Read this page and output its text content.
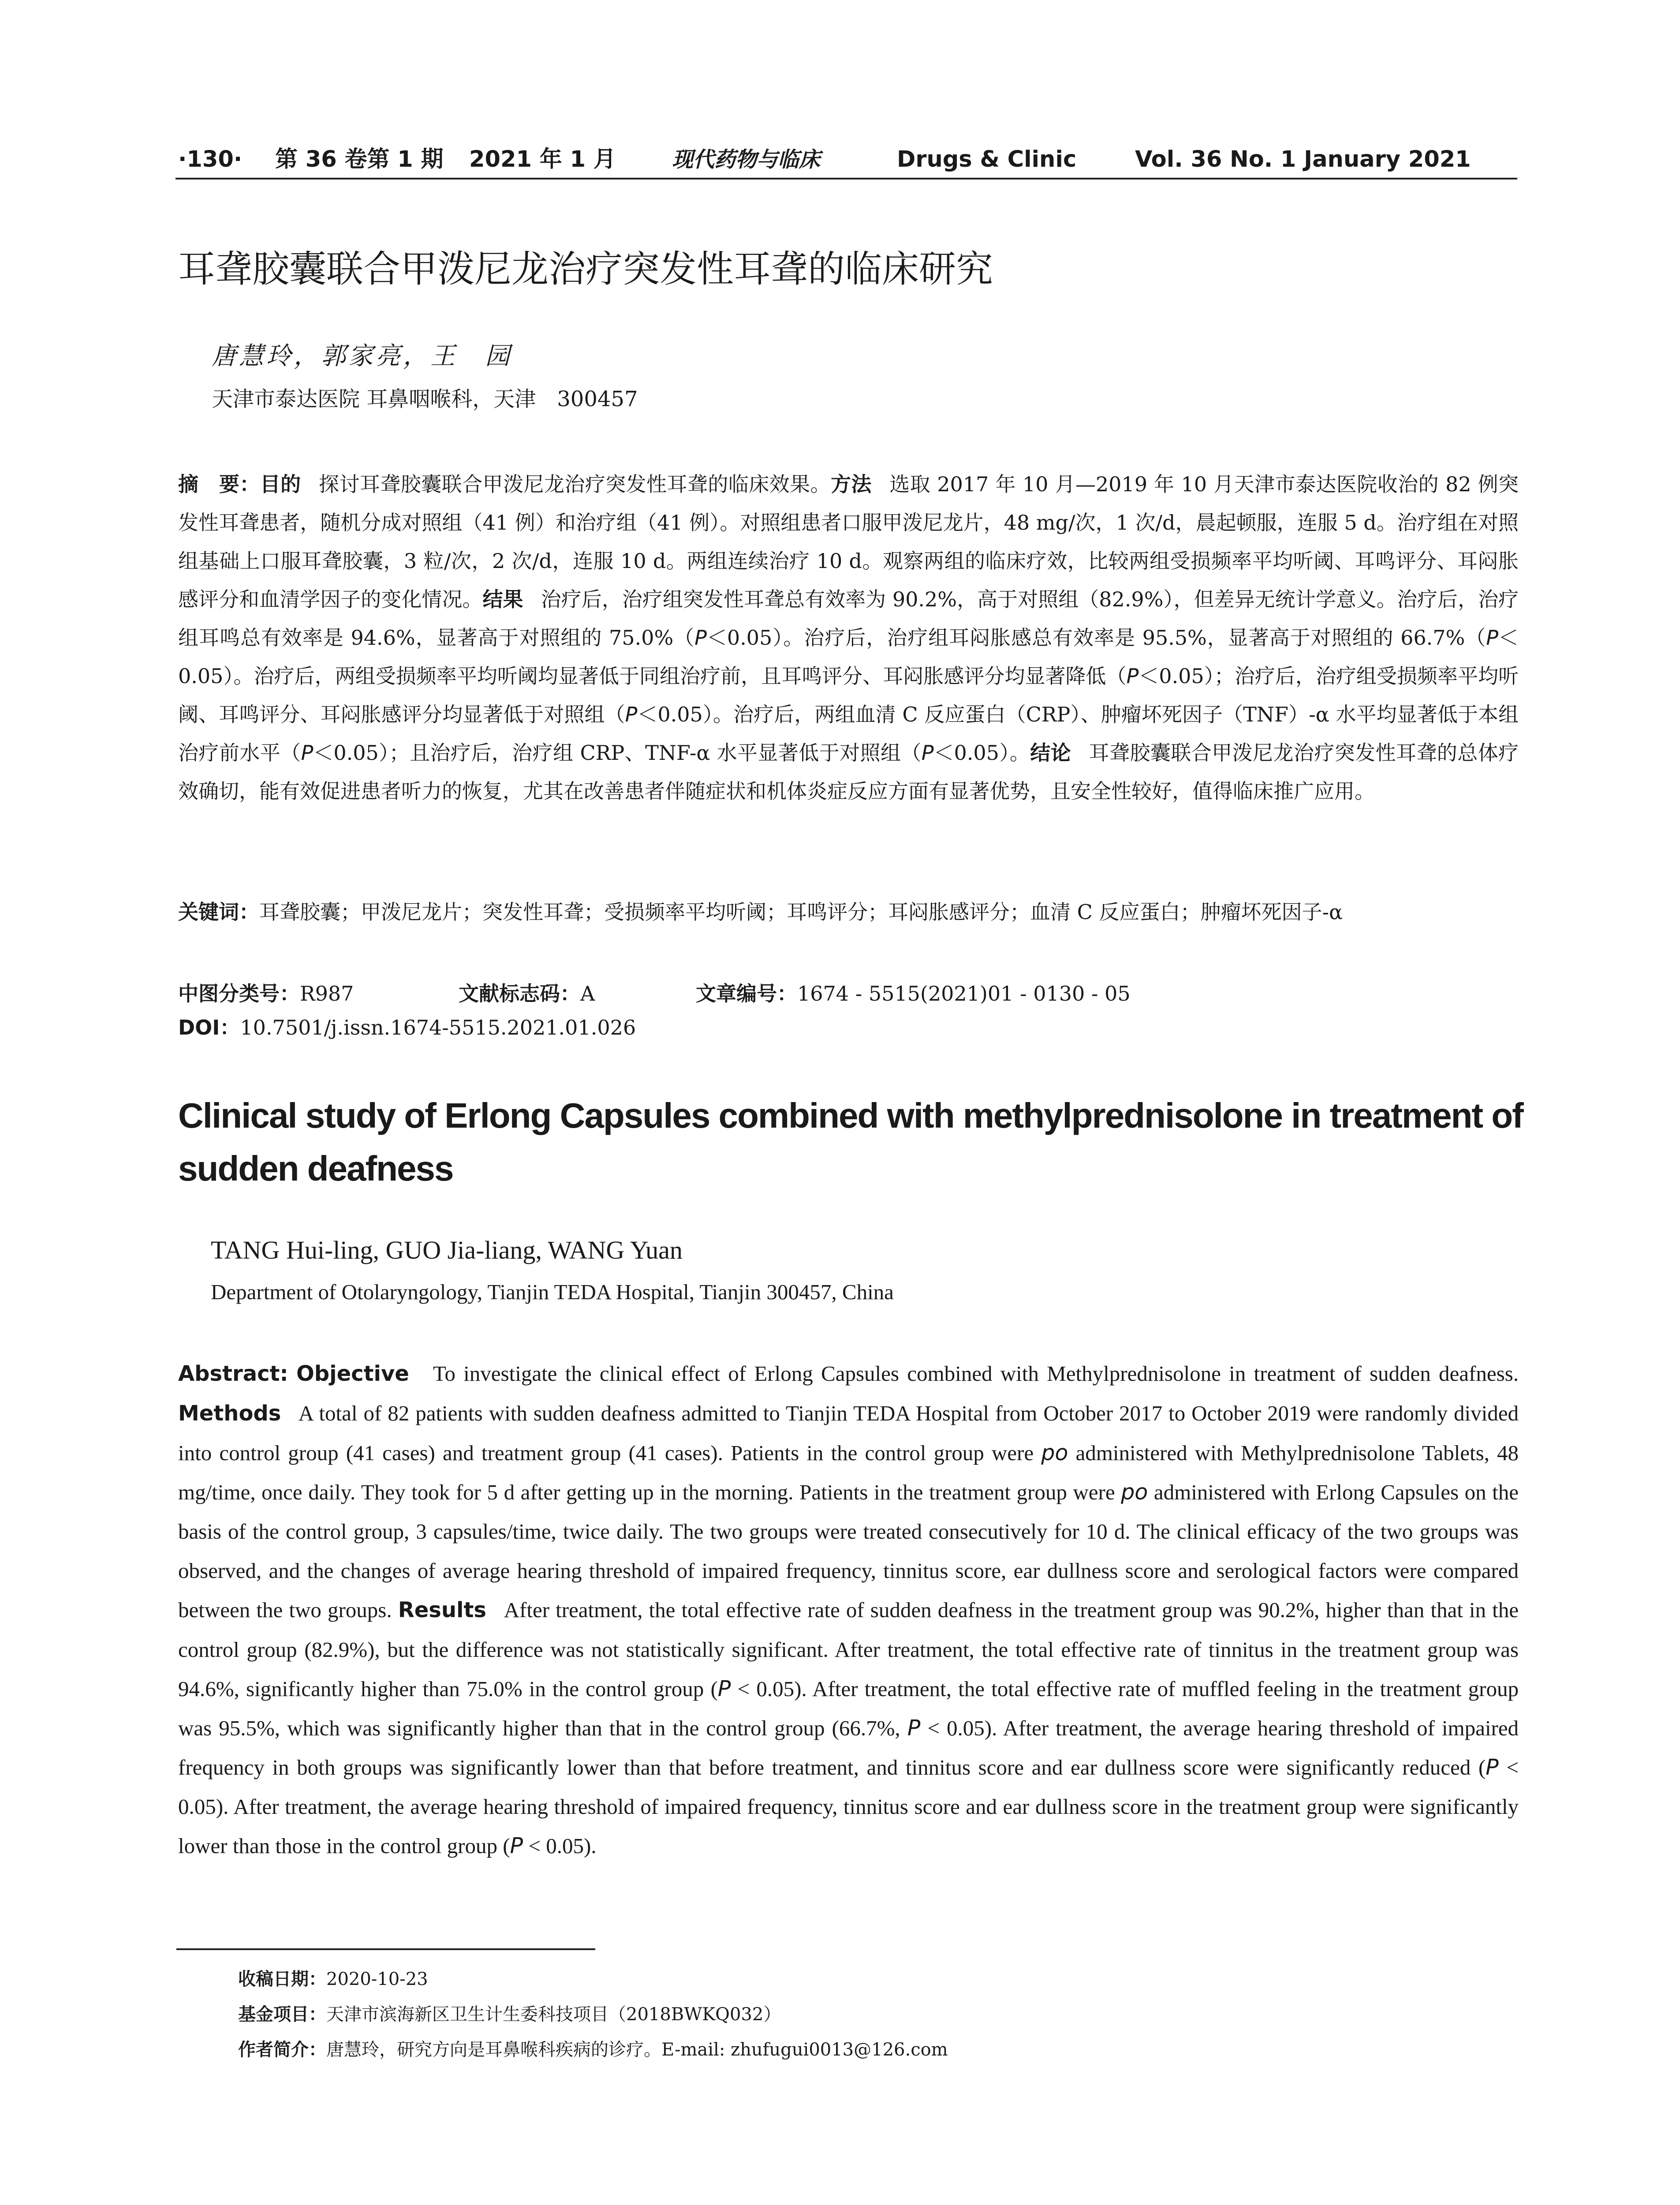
·130· 第 36 卷第 1 期 2021 年 1 月	现代药物与临床	Drugs & Clinic	Vol. 36 No. 1 January 2021
耳聋胶囊联合甲泼尼龙治疗突发性耳聋的临床研究
唐慧玲，郭家亮，王　园
天津市泰达医院 耳鼻咽喉科，天津　300457
摘　要：目的 探讨耳聋胶囊联合甲泼尼龙治疗突发性耳聋的临床效果。方法 选取 2017 年 10 月—2019 年 10 月天津市泰达医院收治的 82 例突发性耳聋患者，随机分成对照组（41 例）和治疗组（41 例）。对照组患者口服甲泼尼龙片，48 mg/次，1 次/d，晨起顿服，连服 5 d。治疗组在对照组基础上口服耳聋胶囊，3 粒/次，2 次/d，连服 10 d。两组连续治疗 10 d。观察两组的临床疗效，比较两组受损频率平均听阈、耳鸣评分、耳闷胀感评分和血清学因子的变化情况。结果 治疗后，治疗组突发性耳聋总有效率为 90.2%，高于对照组（82.9%），但差异无统计学意义。治疗后，治疗组耳鸣总有效率是 94.6%，显著高于对照组的 75.0%（P＜0.05）。治疗后，治疗组耳闷胀感总有效率是 95.5%，显著高于对照组的 66.7%（P＜0.05）。治疗后，两组受损频率平均听阈均显著低于同组治疗前，且耳鸣评分、耳闷胀感评分均显著降低（P＜0.05）；治疗后，治疗组受损频率平均听阈、耳鸣评分、耳闷胀感评分均显著低于对照组（P＜0.05）。治疗后，两组血清 C 反应蛋白（CRP）、肿瘤坏死因子（TNF）-α 水平均显著低于本组治疗前水平（P＜0.05）；且治疗后，治疗组 CRP、TNF-α 水平显著低于对照组（P＜0.05）。结论 耳聋胶囊联合甲泼尼龙治疗突发性耳聋的总体疗效确切，能有效促进患者听力的恢复，尤其在改善患者伴随症状和机体炎症反应方面有显著优势，且安全性较好，值得临床推广应用。
关键词：耳聋胶囊；甲泼尼龙片；突发性耳聋；受损频率平均听阈；耳鸣评分；耳闷胀感评分；血清 C 反应蛋白；肿瘤坏死因子-α
中图分类号：R987	文献标志码：A	文章编号：1674 - 5515(2021)01 - 0130 - 05
DOI：10.7501/j.issn.1674-5515.2021.01.026
Clinical study of Erlong Capsules combined with methylprednisolone in treatment of sudden deafness
TANG Hui-ling, GUO Jia-liang, WANG Yuan
Department of Otolaryngology, Tianjin TEDA Hospital, Tianjin 300457, China
Abstract: Objective To investigate the clinical effect of Erlong Capsules combined with Methylprednisolone in treatment of sudden deafness. Methods A total of 82 patients with sudden deafness admitted to Tianjin TEDA Hospital from October 2017 to October 2019 were randomly divided into control group (41 cases) and treatment group (41 cases). Patients in the control group were po administered with Methylprednisolone Tablets, 48 mg/time, once daily. They took for 5 d after getting up in the morning. Patients in the treatment group were po administered with Erlong Capsules on the basis of the control group, 3 capsules/time, twice daily. The two groups were treated consecutively for 10 d. The clinical efficacy of the two groups was observed, and the changes of average hearing threshold of impaired frequency, tinnitus score, ear dullness score and serological factors were compared between the two groups. Results After treatment, the total effective rate of sudden deafness in the treatment group was 90.2%, higher than that in the control group (82.9%), but the difference was not statistically significant. After treatment, the total effective rate of tinnitus in the treatment group was 94.6%, significantly higher than 75.0% in the control group (P < 0.05). After treatment, the total effective rate of muffled feeling in the treatment group was 95.5%, which was significantly higher than that in the control group (66.7%, P < 0.05). After treatment, the average hearing threshold of impaired frequency in both groups was significantly lower than that before treatment, and tinnitus score and ear dullness score were significantly reduced (P < 0.05). After treatment, the average hearing threshold of impaired frequency, tinnitus score and ear dullness score in the treatment group were significantly lower than those in the control group (P < 0.05).
收稿日期：2020-10-23
基金项目：天津市滨海新区卫生计生委科技项目（2018BWKQ032）
作者简介：唐慧玲，研究方向是耳鼻喉科疾病的诊疗。E-mail: zhufugui0013@126.com
